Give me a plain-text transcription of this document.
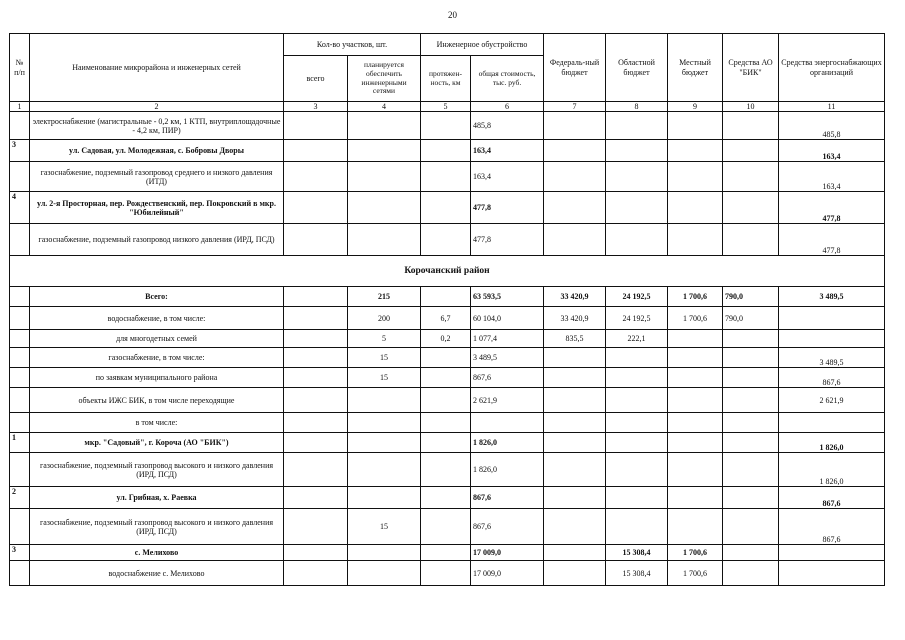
20
№ п/п	Наименование микрорайона и инженерных сетей	Кол-во участков, шт.		Инженерное обустройство		Федераль-ный бюджет	Областной бюджет	Местный бюджет	Средства АО "БИК"	Средства энергоснабжающих организаций
		всего	планируется обеспечить инженерными сетями	протяжен-ность, км	общая стоимость, тыс. руб.					
1	2	3	4	5	6	7	8	9	10	11
	электроснабжение (магистральные - 0,2 км, 1 КТП, внутриплощадочные - 4,2 км, ПИР)				485,8					485,8
3	ул. Садовая, ул. Молодежная, с. Бобровы Дворы				163,4					163,4
	газоснабжение, подземный газопровод среднего и низкого давления (ИТД)				163,4					163,4
4	ул. 2-я Просторная, пер. Рождественский, пер. Покровский в мкр. "Юбилейный"				477,8					477,8
	газоснабжение, подземный газопровод низкого давления (ИРД, ПСД)				477,8					477,8
Корочанский район										
	Всего:		215		63 593,5	33 420,9	24 192,5	1 700,6	790,0	3 489,5
	водоснабжение, в том числе:		200	6,7	60 104,0	33 420,9	24 192,5	1 700,6	790,0	
	для многодетных семей		5	0,2	1 077,4	835,5	222,1			
	газоснабжение, в том числе:		15		3 489,5					3 489,5
	по заявкам муниципального района		15		867,6					867,6
	объекты ИЖС БИК, в том числе переходящие				2 621,9					2 621,9
	в том числе:									
1	мкр. "Садовый", г. Короча (АО "БИК")				1 826,0					1 826,0
	газоснабжение, подземный газопровод высокого и низкого давления (ИРД, ПСД)				1 826,0					1 826,0
2	ул. Грибная, х. Раевка				867,6					867,6
	газоснабжение, подземный газопровод высокого и низкого давления (ИРД, ПСД)		15		867,6					867,6
3	с. Мелихово				17 009,0		15 308,4	1 700,6		
	водоснабжение с. Мелихово				17 009,0		15 308,4	1 700,6		
